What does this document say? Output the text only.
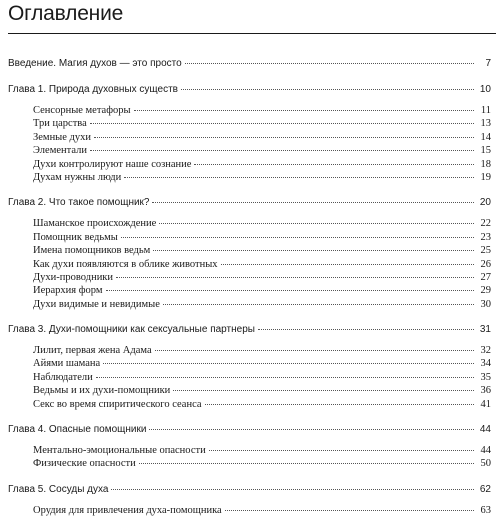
Оглавление
Введение. Магия духов — это просто	7
Глава 1. Природа духовных существ	10
Сенсорные метафоры	11
Три царства	13
Земные духи	14
Элементали	15
Духи контролируют наше сознание	18
Духам нужны люди	19
Глава 2. Что такое помощник?	20
Шаманское происхождение	22
Помощник ведьмы	23
Имена помощников ведьм	25
Как духи появляются в облике животных	26
Духи-проводники	27
Иерархия форм	29
Духи видимые и невидимые	30
Глава 3. Духи-помощники как сексуальные партнеры	31
Лилит, первая жена Адама	32
Айями шамана	34
Наблюдатели	35
Ведьмы и их духи-помощники	36
Секс во время спиритического сеанса	41
Глава 4. Опасные помощники	44
Ментально-эмоциональные опасности	44
Физические опасности	50
Глава 5. Сосуды духа	62
Орудия для привлечения духа-помощника	63
